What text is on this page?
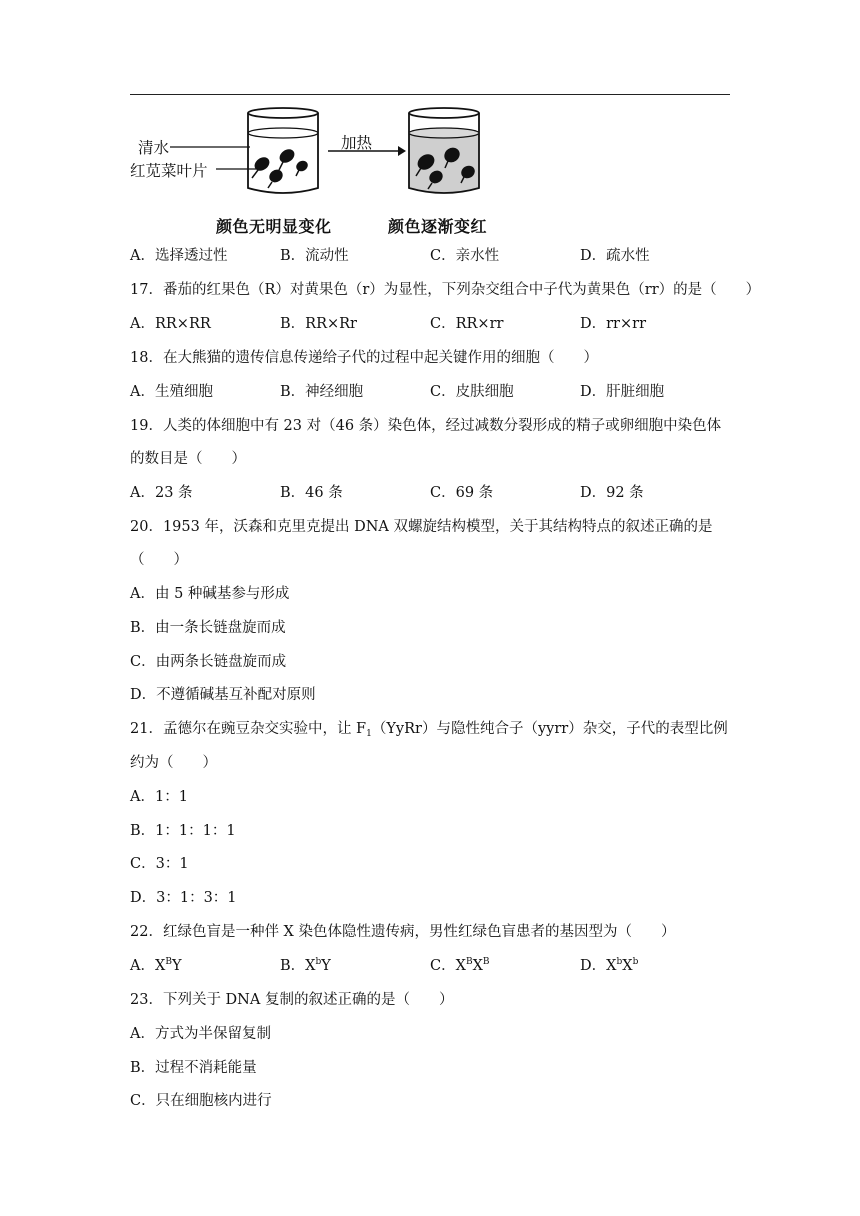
清水
红苋菜叶片
加热
颜色无明显变化	颜色逐渐变红
A．选择透过性	B．流动性	C．亲水性	D．疏水性
17．番茄的红果色（R）对黄果色（r）为显性，下列杂交组合中子代为黄果色（rr）的是（　　）
A．RR×RR	B．RR×Rr	C．RR×rr	D．rr×rr
18．在大熊猫的遗传信息传递给子代的过程中起关键作用的细胞（　　）
A．生殖细胞	B．神经细胞	C．皮肤细胞	D．肝脏细胞
19．人类的体细胞中有 23 对（46 条）染色体，经过减数分裂形成的精子或卵细胞中染色体
的数目是（　　）
A．23 条	B．46 条	C．69 条	D．92 条
20．1953 年，沃森和克里克提出 DNA 双螺旋结构模型，关于其结构特点的叙述正确的是
（　　）
A．由 5 种碱基参与形成
B．由一条长链盘旋而成
C．由两条长链盘旋而成
D．不遵循碱基互补配对原则
21．孟德尔在豌豆杂交实验中，让 $F_1(YyRr)$与隐性纯合子（yyrr）杂交，子代的表型比例
约为（　　）
A．1：1
B．1：1：1：1
C．3：1
D．3：1：3：1
22．红绿色盲是一种伴 X 染色体隐性遗传病，男性红绿色盲患者的基因型为（　　）
A．$X^BY$	B．$X^bY$	C．$X^BX^B$	D．$X^bX^b$
23．下列关于 DNA 复制的叙述正确的是（　　）
A．方式为半保留复制
B．过程不消耗能量
C．只在细胞核内进行
